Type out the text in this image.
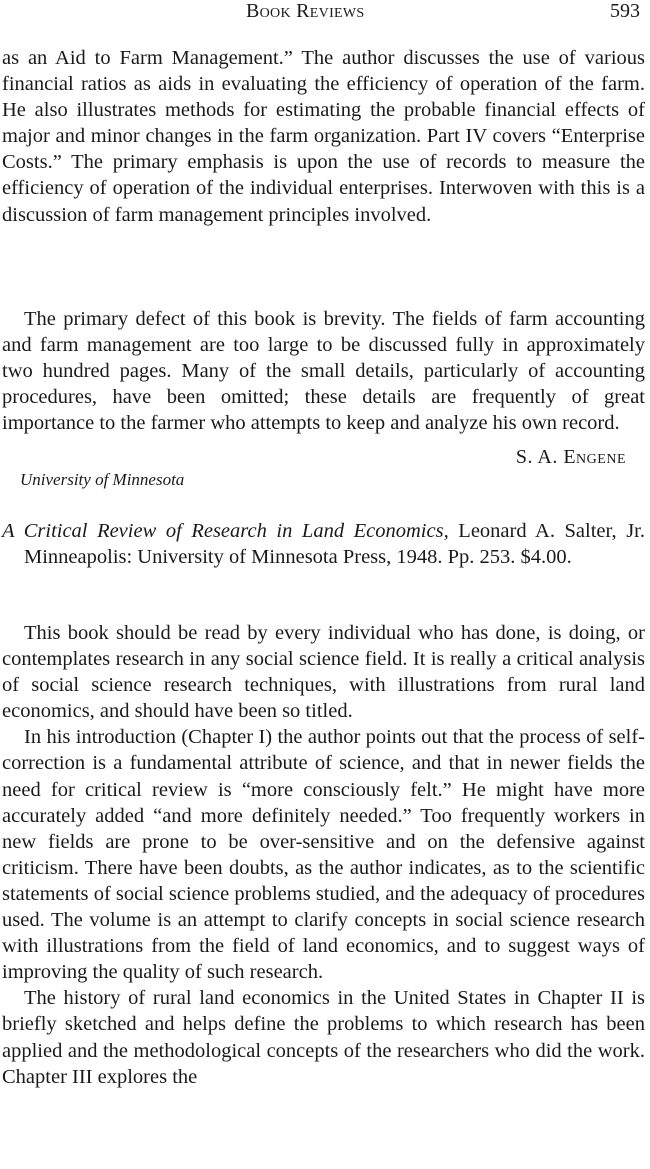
Book Reviews	593

as an Aid to Farm Management.” The author discusses the use of various financial ratios as aids in evaluating the efficiency of operation of the farm. He also illustrates methods for estimating the probable financial effects of major and minor changes in the farm organization. Part IV covers “Enterprise Costs.” The primary emphasis is upon the use of records to measure the efficiency of operation of the individual enterprises. Interwoven with this is a discussion of farm management principles involved.

The primary defect of this book is brevity. The fields of farm accounting and farm management are too large to be discussed fully in approximately two hundred pages. Many of the small details, particularly of accounting procedures, have been omitted; these details are frequently of great importance to the farmer who attempts to keep and analyze his own record.

S. A. Engene
University of Minnesota
A Critical Review of Research in Land Economics, Leonard A. Salter, Jr. Minneapolis: University of Minnesota Press, 1948. Pp. 253. $4.00.

This book should be read by every individual who has done, is doing, or contemplates research in any social science field. It is really a critical analysis of social science research techniques, with illustrations from rural land economics, and should have been so titled.

In his introduction (Chapter I) the author points out that the process of self-correction is a fundamental attribute of science, and that in newer fields the need for critical review is “more consciously felt.” He might have more accurately added “and more definitely needed.” Too frequently workers in new fields are prone to be over-sensitive and on the defensive against criticism. There have been doubts, as the author indicates, as to the scientific statements of social science problems studied, and the adequacy of procedures used. The volume is an attempt to clarify concepts in social science research with illustrations from the field of land economics, and to suggest ways of improving the quality of such research.

The history of rural land economics in the United States in Chapter II is briefly sketched and helps define the problems to which research has been applied and the methodological concepts of the researchers who did the work. Chapter III explores the
